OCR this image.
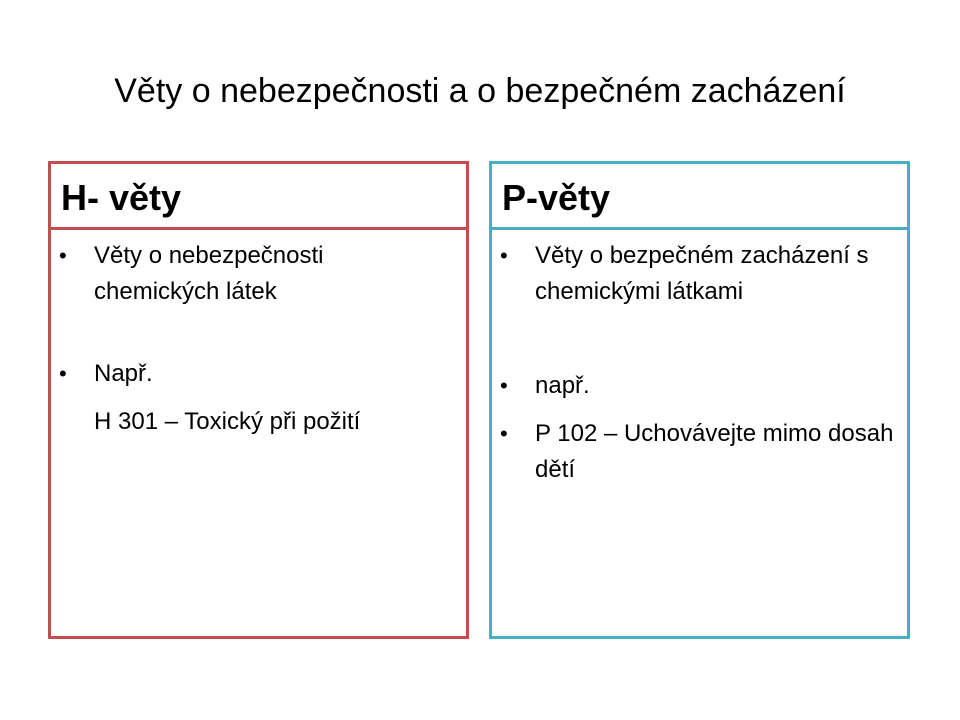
Věty o nebezpečnosti a o bezpečném zacházení
H- věty
• Věty o nebezpečnosti chemických látek
• Např.
H 301 – Toxický při požití
P-věty
• Věty o bezpečném zacházení s chemickými látkami
• např.
• P 102 – Uchovávejte mimo dosah dětí
